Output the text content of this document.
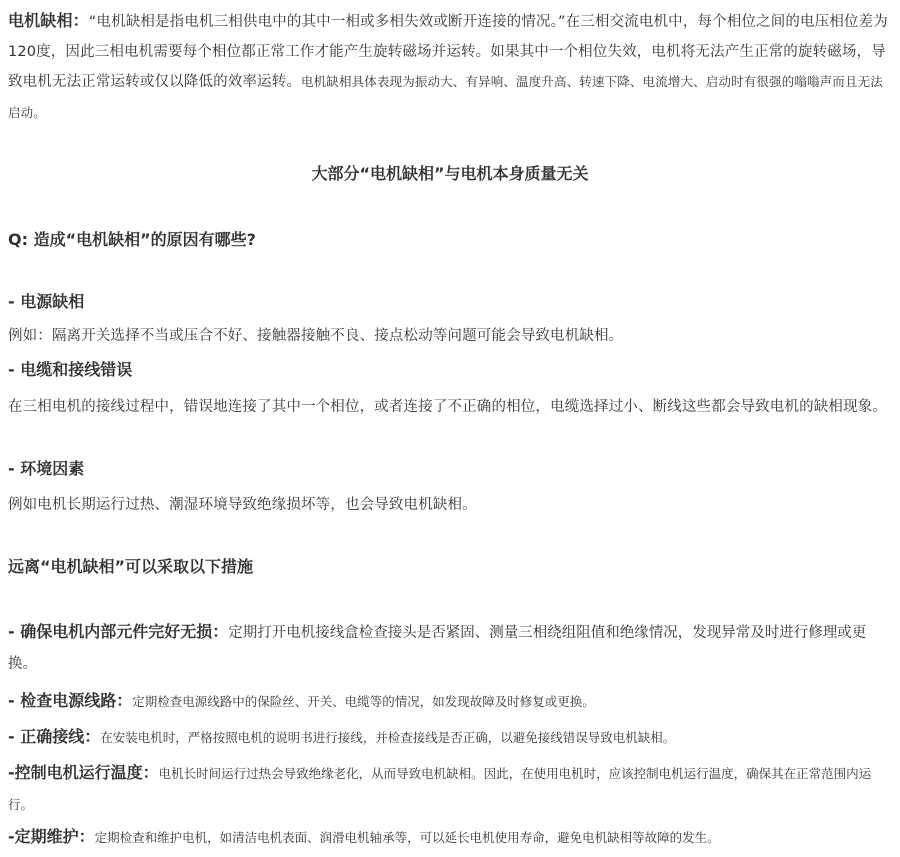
电机缺相：“电机缺相是指电机三相供电中的其中一相或多相失效或断开连接的情况。”在三相交流电机中，每个相位之间的电压相位差为120度，因此三相电机需要每个相位都正常工作才能产生旋转磁场并运转。如果其中一个相位失效，电机将无法产生正常的旋转磁场，导致电机无法正常运转或仅以降低的效率运转。电机缺相具体表现为振动大、有异响、温度升高、转速下降、电流增大、启动时有很强的嗡嗡声而且无法启动。
大部分“电机缺相”与电机本身质量无关
Q: 造成“电机缺相”的原因有哪些?
- 电源缺相
例如：隔离开关选择不当或压合不好、接触器接触不良、接点松动等问题可能会导致电机缺相。
- 电缆和接线错误
在三相电机的接线过程中，错误地连接了其中一个相位，或者连接了不正确的相位，电缆选择过小、断线这些都会导致电机的缺相现象。
- 环境因素
例如电机长期运行过热、潮湿环境导致绝缘损坏等，也会导致电机缺相。
远离“电机缺相”可以采取以下措施
- 确保电机内部元件完好无损：定期打开电机接线盒检查接头是否紧固、测量三相绕组阻值和绝缘情况，发现异常及时进行修理或更换。
- 检查电源线路：定期检查电源线路中的保险丝、开关、电缆等的情况，如发现故障及时修复或更换。
- 正确接线：在安装电机时，严格按照电机的说明书进行接线，并检查接线是否正确，以避免接线错误导致电机缺相。
-控制电机运行温度：电机长时间运行过热会导致绝缘老化，从而导致电机缺相。因此，在使用电机时，应该控制电机运行温度，确保其在正常范围内运行。
-定期维护：定期检查和维护电机，如清洁电机表面、润滑电机轴承等，可以延长电机使用寿命，避免电机缺相等故障的发生。
